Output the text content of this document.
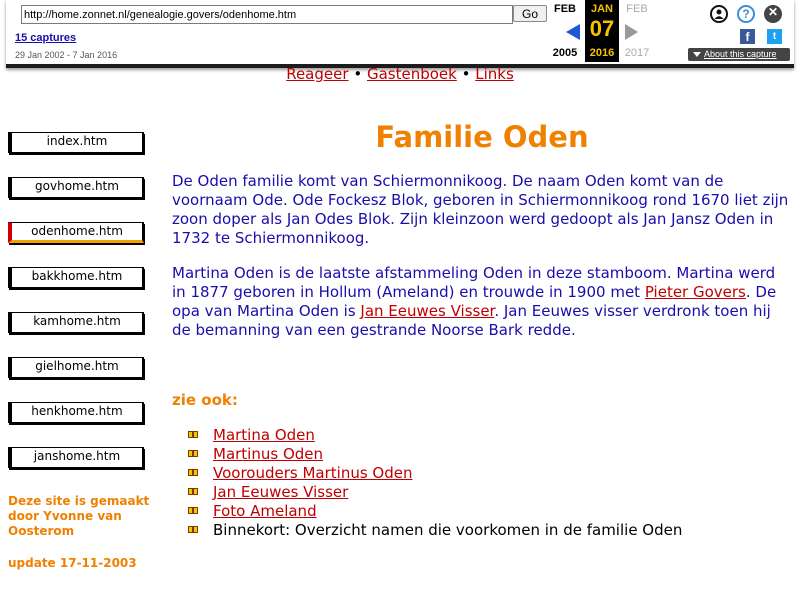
http://home.zonnet.nl/genealogie.govers/odenhome.htm
Go
15 captures
29 Jan 2002 - 7 Jan 2016
FEB
2005
JAN
07
2016
FEB
2017
?	✕
f	t
About this capture
Reageer • Gastenboek • Links
index.htm
govhome.htm
odenhome.htm
bakkhome.htm
kamhome.htm
gielhome.htm
henkhome.htm
janshome.htm
Deze site is gemaakt door Yvonne van Oosterom
update 17-11-2003
Familie Oden
De Oden familie komt van Schiermonnikoog. De naam Oden komt van de voornaam Ode. Ode Fockesz Blok, geboren in Schiermonnikoog rond 1670 liet zijn zoon doper als Jan Odes Blok. Zijn kleinzoon werd gedoopt als Jan Jansz Oden in 1732 te Schiermonnikoog.
Martina Oden is de laatste afstammeling Oden in deze stamboom. Martina werd in 1877 geboren in Hollum (Ameland) en trouwde in 1900 met Pieter Govers. De opa van Martina Oden is Jan Eeuwes Visser. Jan Eeuwes visser verdronk toen hij de bemanning van een gestrande Noorse Bark redde.
zie ook:
Martina Oden
Martinus Oden
Voorouders Martinus Oden
Jan Eeuwes Visser
Foto Ameland
Binnekort: Overzicht namen die voorkomen in de familie Oden
